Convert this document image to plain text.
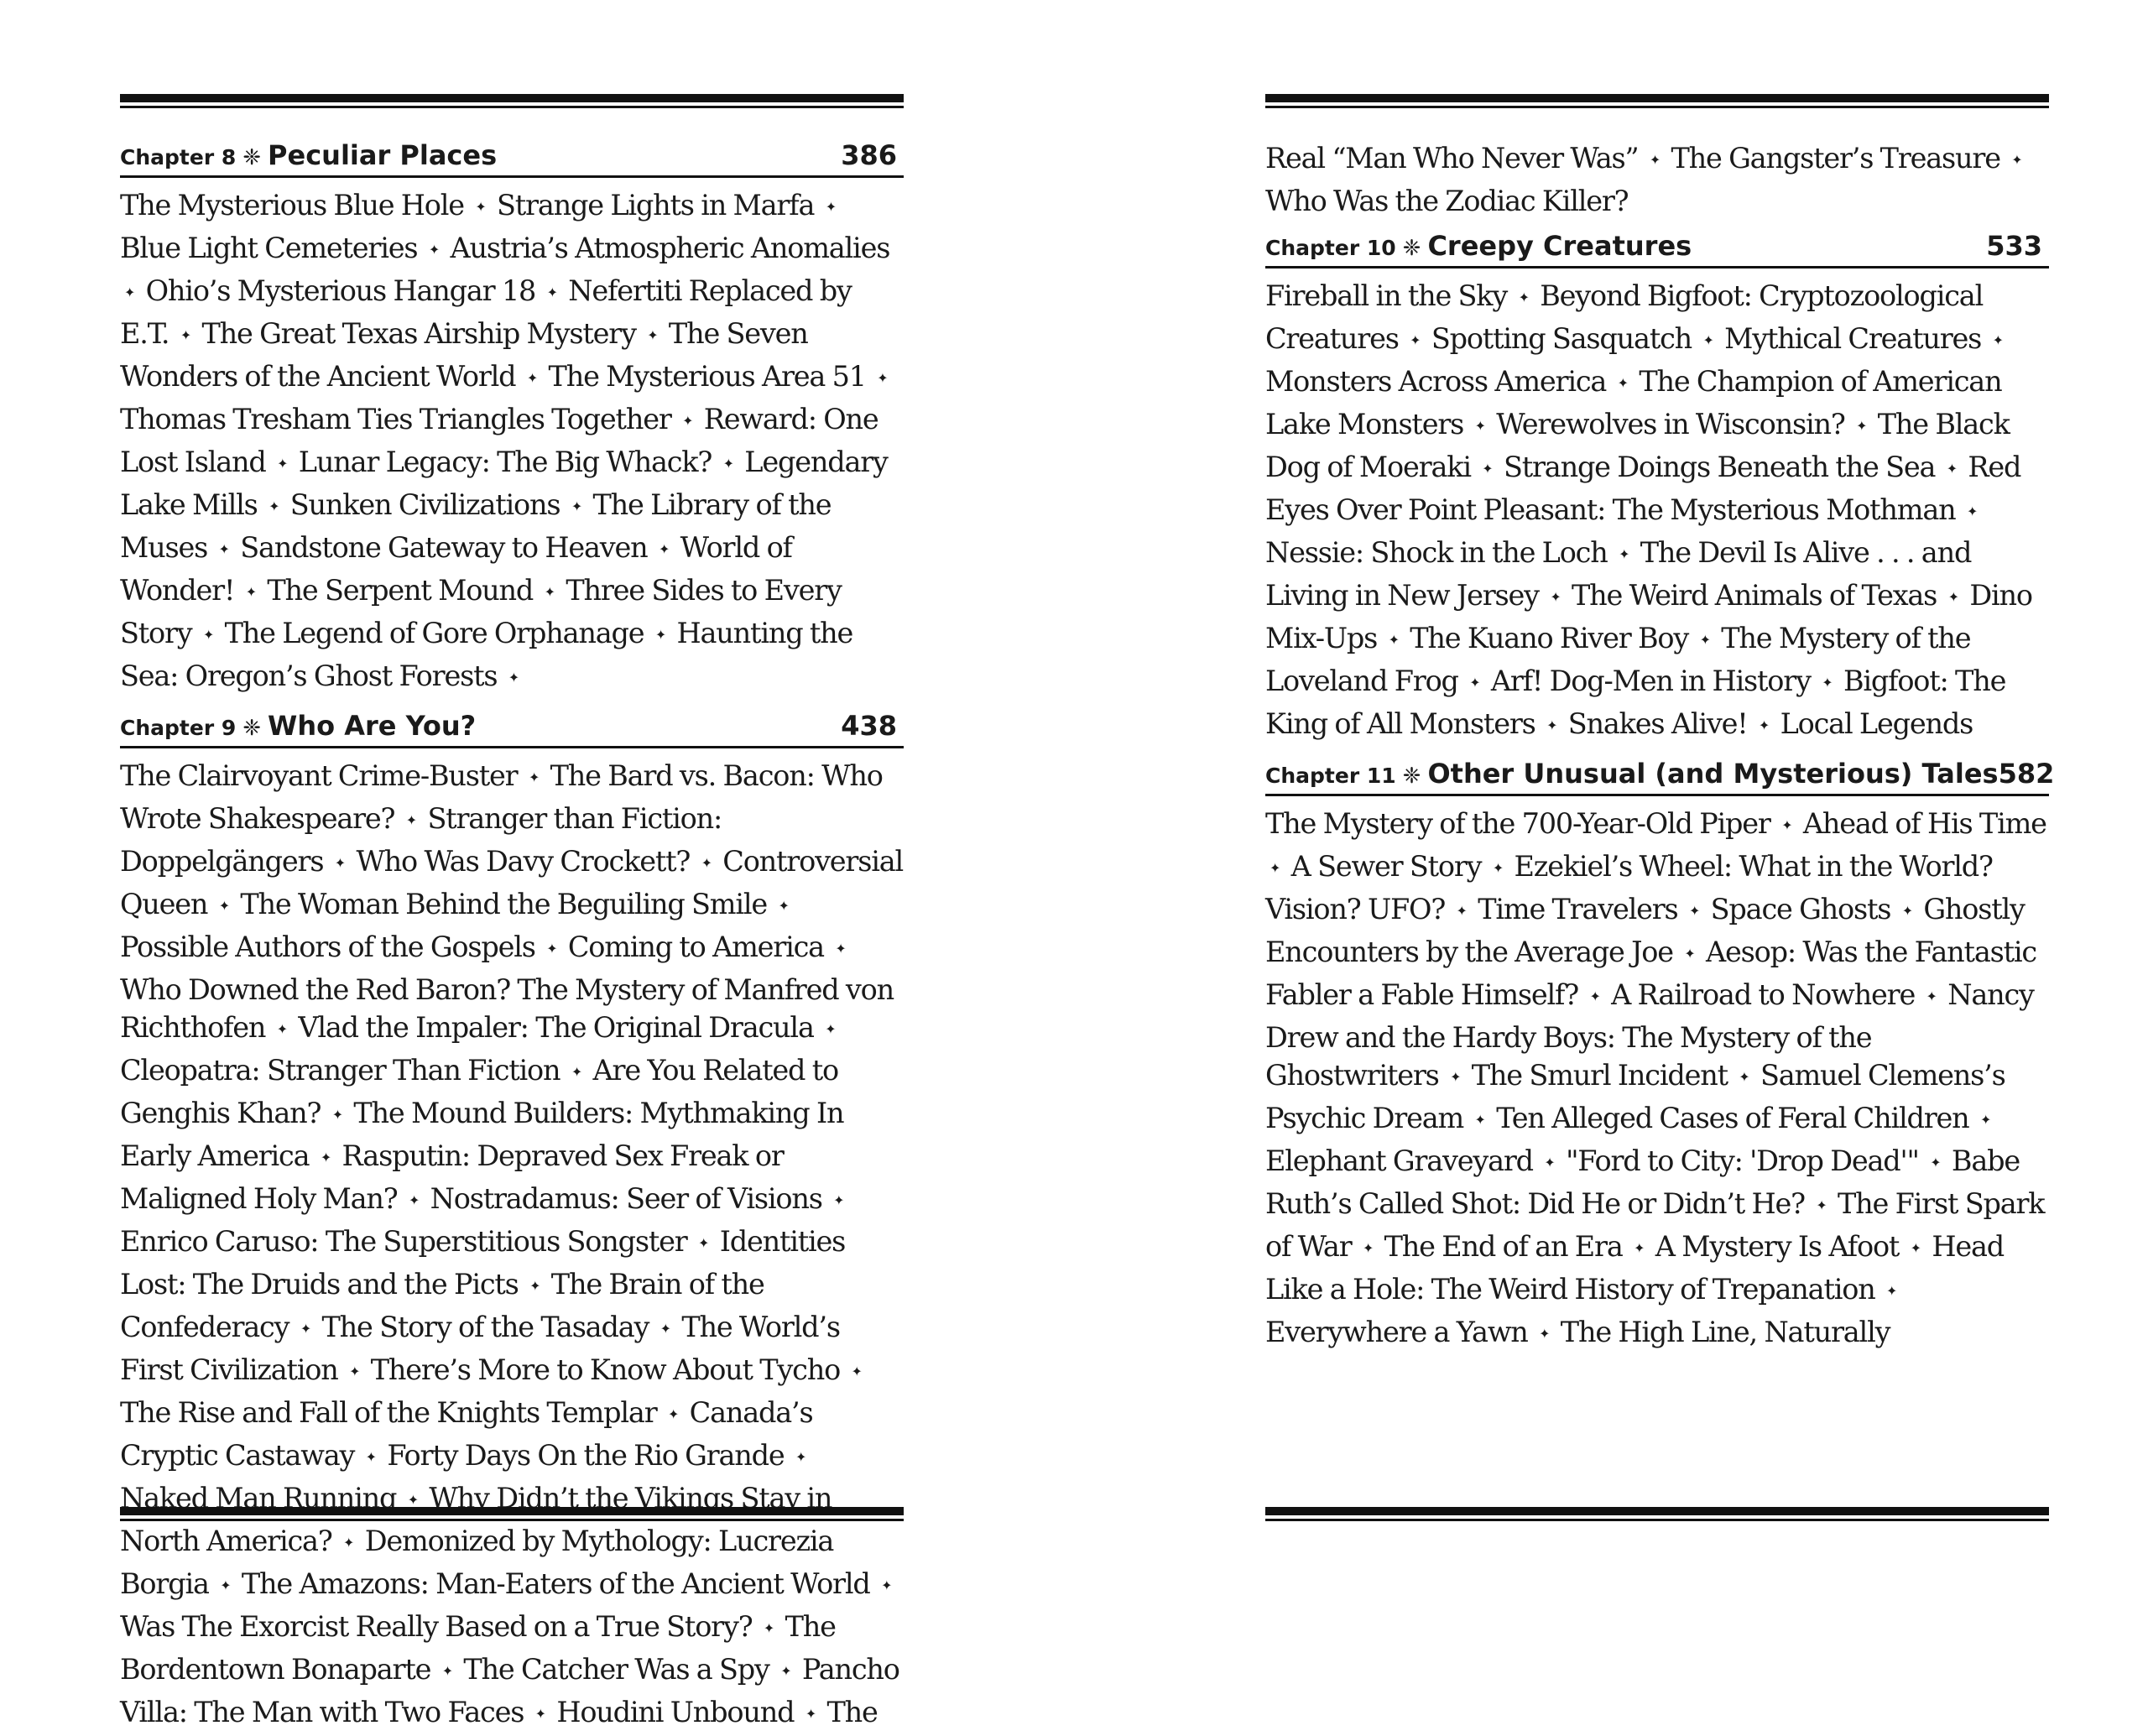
Chapter 8 ❈ Peculiar Places	386

The Mysterious Blue Hole ✦ Strange Lights in Marfa ✦ Blue Light Cemeteries ✦ Austria’s Atmospheric Anomalies ✦ Ohio’s Mysterious Hangar 18 ✦ Nefertiti Replaced by E.T. ✦ The Great Texas Airship Mystery ✦ The Seven Wonders of the Ancient World ✦ The Mysterious Area 51 ✦ Thomas Tresham Ties Triangles Together ✦ Reward: One Lost Island ✦ Lunar Legacy: The Big Whack? ✦ Legendary Lake Mills ✦ Sunken Civilizations ✦ The Library of the Muses ✦ Sandstone Gateway to Heaven ✦ World of Wonder! ✦ The Serpent Mound ✦ Three Sides to Every Story ✦ The Legend of Gore Orphanage ✦ Haunting the Sea: Oregon’s Ghost Forests ✦

Chapter 9 ❈ Who Are You?	438

The Clairvoyant Crime-Buster ✦ The Bard vs. Bacon: Who Wrote Shakespeare? ✦ Stranger than Fiction: Doppelgängers ✦ Who Was Davy Crockett? ✦ Controversial Queen ✦ The Woman Behind the Beguiling Smile ✦ Possible Authors of the Gospels ✦ Coming to America ✦ Who Downed the Red Baron? The Mystery of Manfred von Richthofen ✦ Vlad the Impaler: The Original Dracula ✦ Cleopatra: Stranger Than Fiction ✦ Are You Related to Genghis Khan? ✦ The Mound Builders: Mythmaking In Early America ✦ Rasputin: Depraved Sex Freak or Maligned Holy Man? ✦ Nostradamus: Seer of Visions ✦ Enrico Caruso: The Superstitious Songster ✦ Identities Lost: The Druids and the Picts ✦ The Brain of the Confederacy ✦ The Story of the Tasaday ✦ The World’s First Civilization ✦ There’s More to Know About Tycho ✦ The Rise and Fall of the Knights Templar ✦ Canada’s Cryptic Castaway ✦ Forty Days On the Rio Grande ✦ Naked Man Running ✦ Why Didn’t the Vikings Stay in North America? ✦ Demonized by Mythology: Lucrezia Borgia ✦ The Amazons: Man-Eaters of the Ancient World ✦ Was The Exorcist Really Based on a True Story? ✦ The Bordentown Bonaparte ✦ The Catcher Was a Spy ✦ Pancho Villa: The Man with Two Faces ✦ Houdini Unbound ✦ The

Real “Man Who Never Was” ✦ The Gangster’s Treasure ✦ Who Was the Zodiac Killer?

Chapter 10 ❈ Creepy Creatures	533

Fireball in the Sky ✦ Beyond Bigfoot: Cryptozoological Creatures ✦ Spotting Sasquatch ✦ Mythical Creatures ✦ Monsters Across America ✦ The Champion of American Lake Monsters ✦ Werewolves in Wisconsin? ✦ The Black Dog of Moeraki ✦ Strange Doings Beneath the Sea ✦ Red Eyes Over Point Pleasant: The Mysterious Mothman ✦ Nessie: Shock in the Loch ✦ The Devil Is Alive . . . and Living in New Jersey ✦ The Weird Animals of Texas ✦ Dino Mix-Ups ✦ The Kuano River Boy ✦ The Mystery of the Loveland Frog ✦ Arf! Dog-Men in History ✦ Bigfoot: The King of All Monsters ✦ Snakes Alive! ✦ Local Legends

Chapter 11 ❈ Other Unusual (and Mysterious) Tales 582

The Mystery of the 700-Year-Old Piper ✦ Ahead of His Time ✦ A Sewer Story ✦ Ezekiel’s Wheel: What in the World? Vision? UFO? ✦ Time Travelers ✦ Space Ghosts ✦ Ghostly Encounters by the Average Joe ✦ Aesop: Was the Fantastic Fabler a Fable Himself? ✦ A Railroad to Nowhere ✦ Nancy Drew and the Hardy Boys: The Mystery of the Ghostwriters ✦ The Smurl Incident ✦ Samuel Clemens’s Psychic Dream ✦ Ten Alleged Cases of Feral Children ✦ Elephant Graveyard ✦ "Ford to City: 'Drop Dead'" ✦ Babe Ruth’s Called Shot: Did He or Didn’t He? ✦ The First Spark of War ✦ The End of an Era ✦ A Mystery Is Afoot ✦ Head Like a Hole: The Weird History of Trepanation ✦ Everywhere a Yawn ✦ The High Line, Naturally
